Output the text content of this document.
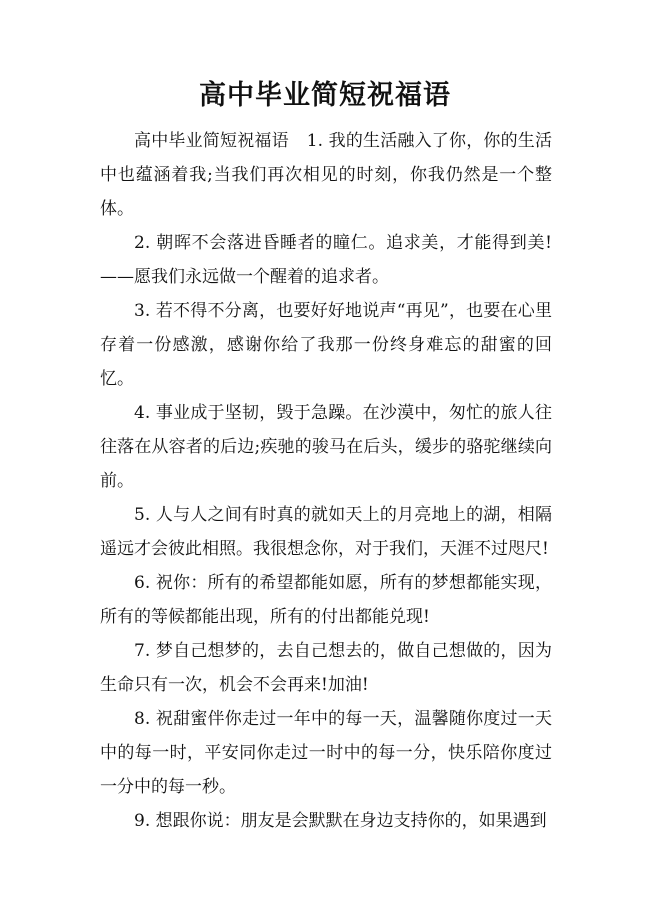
高中毕业简短祝福语

高中毕业简短祝福语 1. 我的生活融入了你，你的生活中也蕴涵着我;当我们再次相见的时刻，你我仍然是一个整体。

2. 朝晖不会落进昏睡者的瞳仁。追求美，才能得到美!——愿我们永远做一个醒着的追求者。

3. 若不得不分离，也要好好地说声“再见”，也要在心里存着一份感激，感谢你给了我那一份终身难忘的甜蜜的回忆。

4. 事业成于坚韧，毁于急躁。在沙漠中，匆忙的旅人往往落在从容者的后边;疾驰的骏马在后头，缓步的骆驼继续向前。

5. 人与人之间有时真的就如天上的月亮地上的湖，相隔遥远才会彼此相照。我很想念你，对于我们，天涯不过咫尺!

6. 祝你：所有的希望都能如愿，所有的梦想都能实现，所有的等候都能出现，所有的付出都能兑现!

7. 梦自己想梦的，去自己想去的，做自己想做的，因为生命只有一次，机会不会再来!加油!

8. 祝甜蜜伴你走过一年中的每一天，温馨随你度过一天中的每一时，平安同你走过一时中的每一分，快乐陪你度过一分中的每一秒。

9. 想跟你说：朋友是会默默在身边支持你的，如果遇到
